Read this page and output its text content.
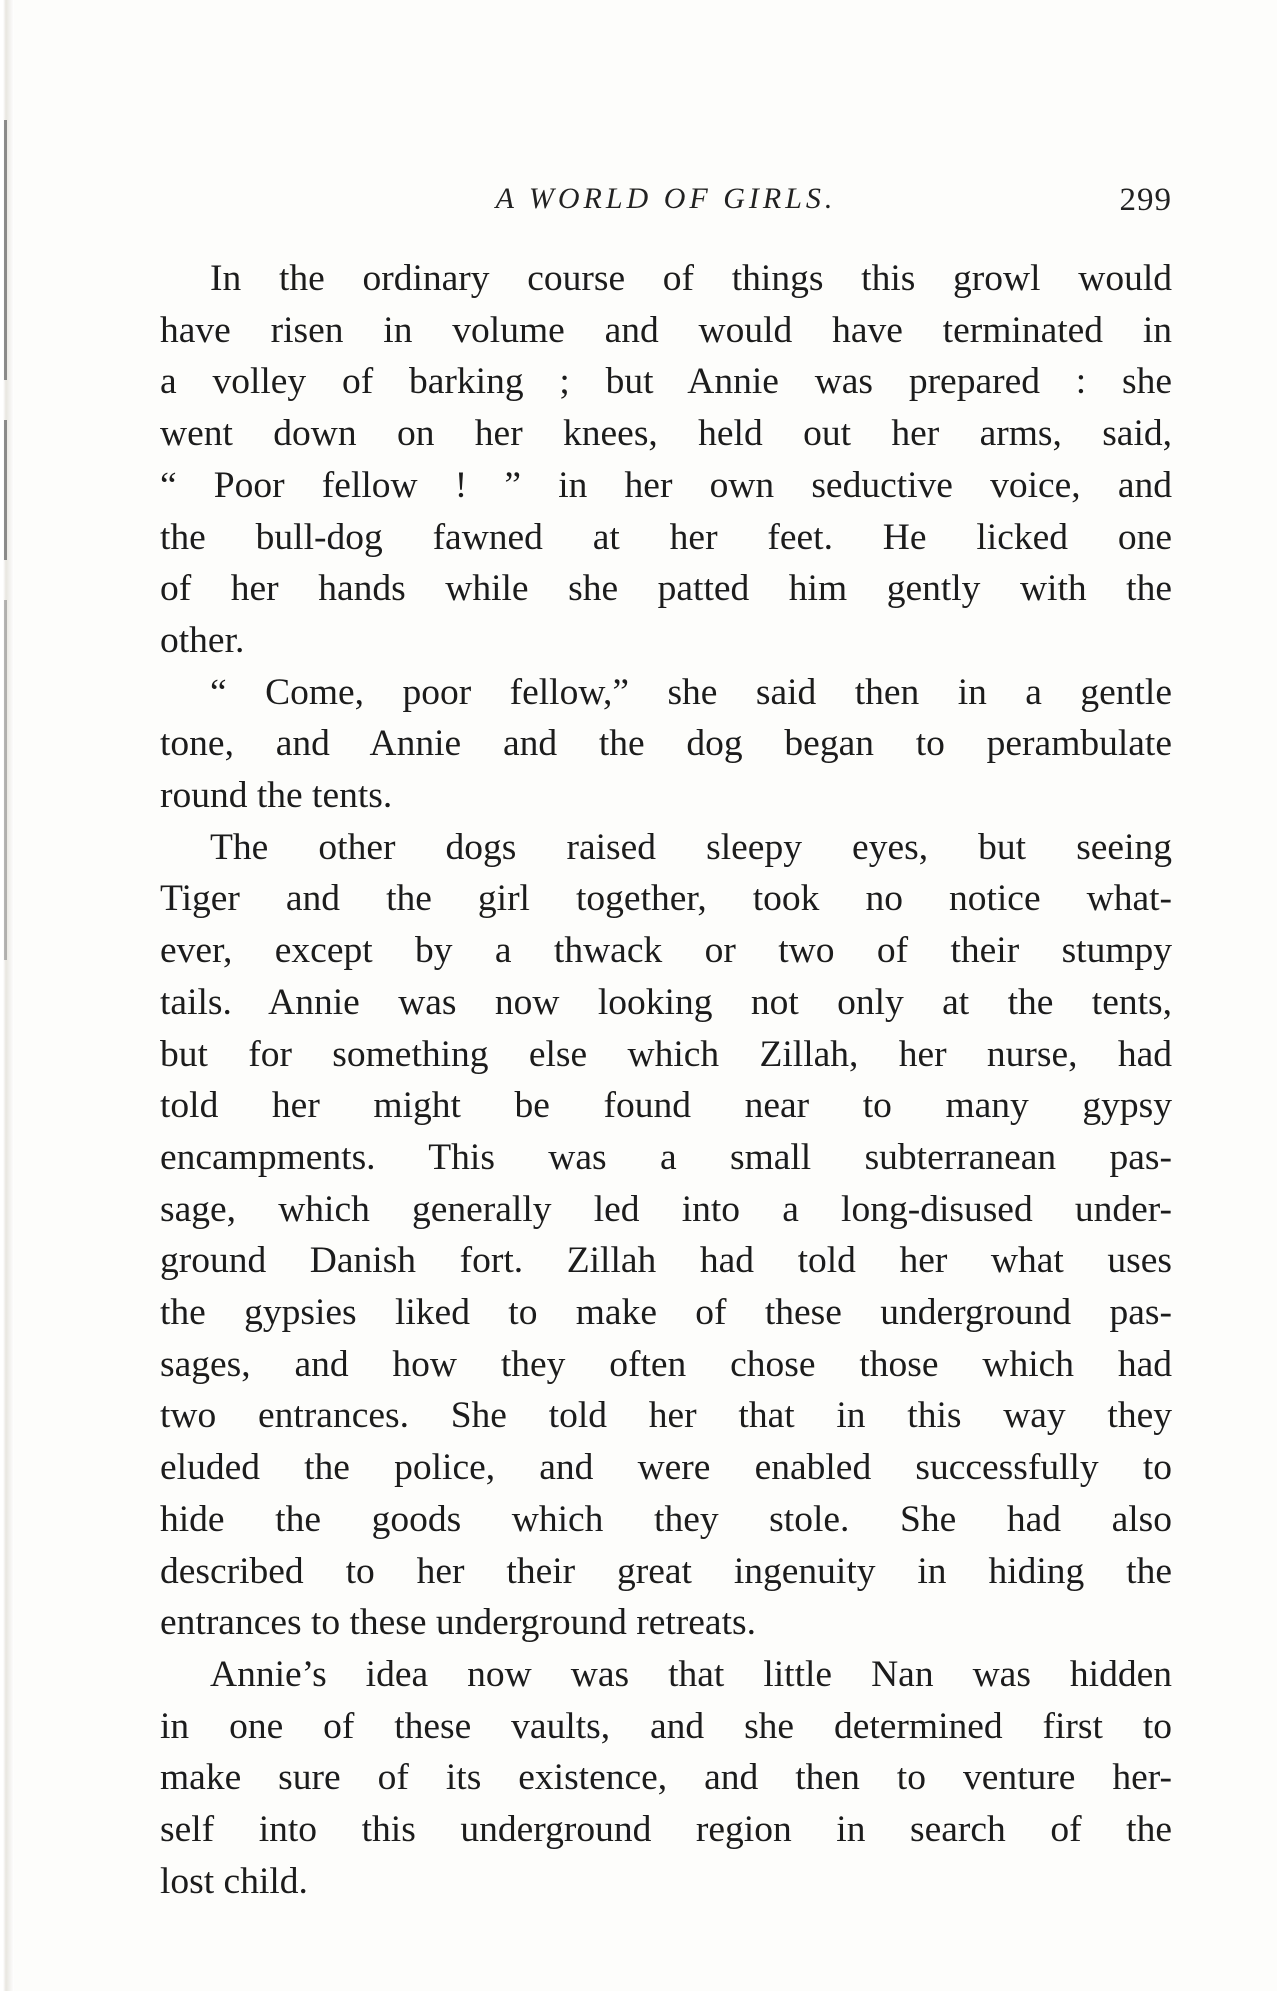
A WORLD OF GIRLS.	299

In the ordinary course of things this growl would
have risen in volume and would have terminated in
a volley of barking ; but Annie was prepared : she
went down on her knees, held out her arms, said,
“ Poor fellow ! ” in her own seductive voice, and
the bull-dog fawned at her feet. He licked one
of her hands while she patted him gently with the
other.

“ Come, poor fellow,” she said then in a gentle
tone, and Annie and the dog began to perambulate
round the tents.

The other dogs raised sleepy eyes, but seeing
Tiger and the girl together, took no notice what-
ever, except by a thwack or two of their stumpy
tails. Annie was now looking not only at the tents,
but for something else which Zillah, her nurse, had
told her might be found near to many gypsy
encampments. This was a small subterranean pas-
sage, which generally led into a long-disused under-
ground Danish fort. Zillah had told her what uses
the gypsies liked to make of these underground pas-
sages, and how they often chose those which had
two entrances. She told her that in this way they
eluded the police, and were enabled successfully to
hide the goods which they stole. She had also
described to her their great ingenuity in hiding the
entrances to these underground retreats.

Annie’s idea now was that little Nan was hidden
in one of these vaults, and she determined first to
make sure of its existence, and then to venture her-
self into this underground region in search of the
lost child.
